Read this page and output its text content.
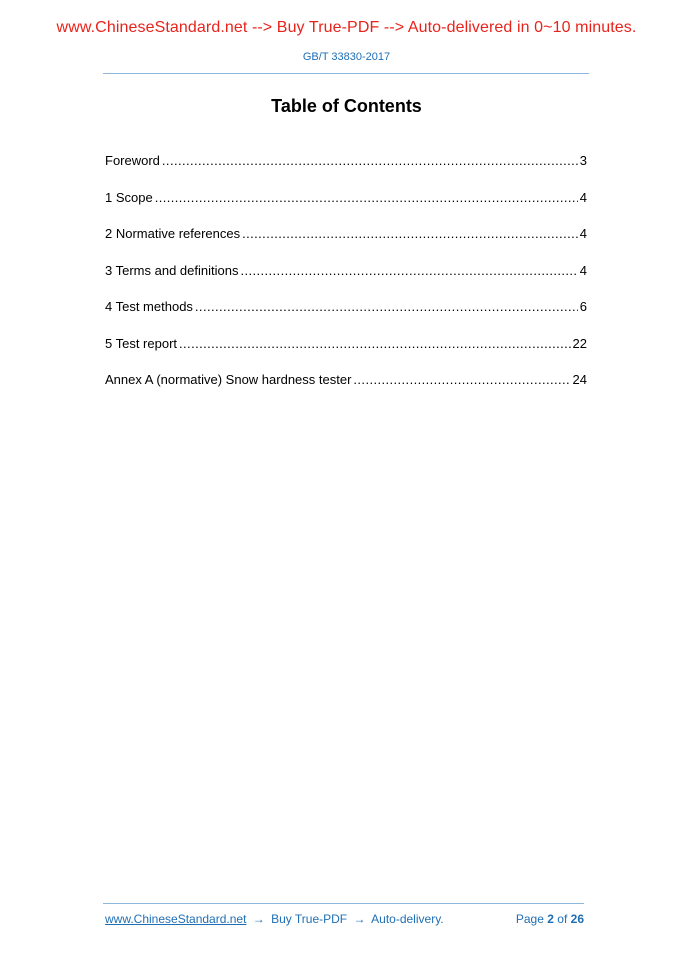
www.ChineseStandard.net --> Buy True-PDF --> Auto-delivered in 0~10 minutes.
GB/T 33830-2017
Table of Contents
Foreword .....	3
1 Scope .....	4
2 Normative references .....	4
3 Terms and definitions .....	4
4 Test methods .....	6
5 Test report .....	22
Annex A (normative) Snow hardness tester .....	24
www.ChineseStandard.net → Buy True-PDF → Auto-delivery.	Page 2 of 26
